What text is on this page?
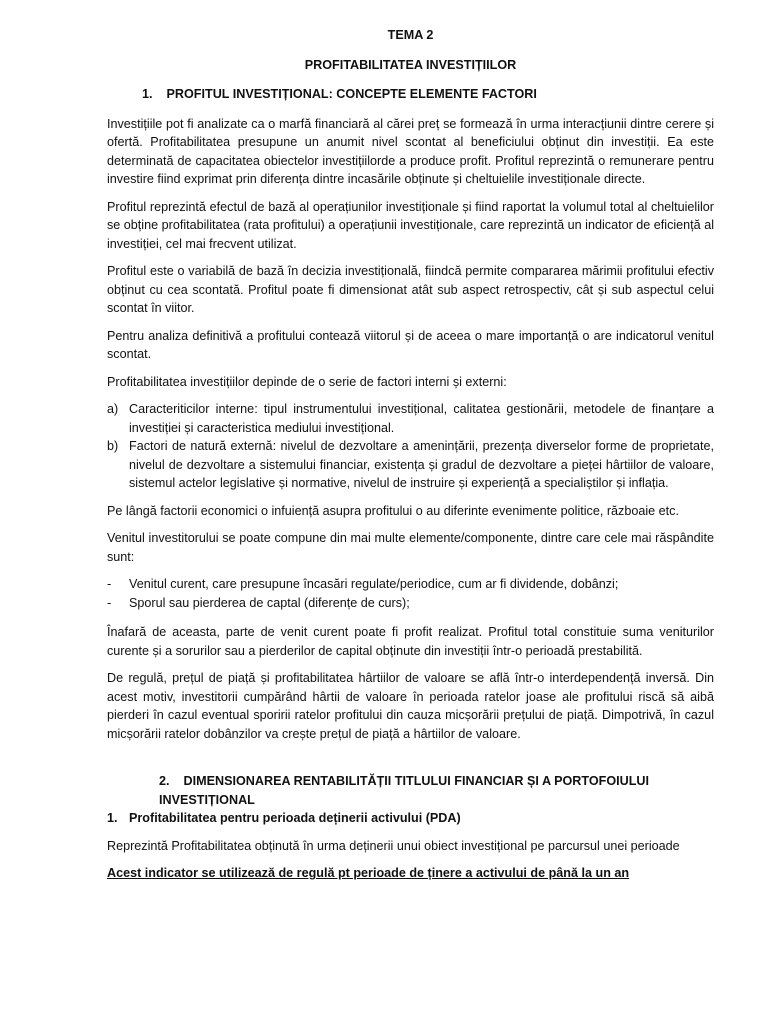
TEMA 2
PROFITABILITATEA INVESTIȚIILOR
1. PROFITUL INVESTIȚIONAL: CONCEPTE ELEMENTE FACTORI

Investițiile pot fi analizate ca o marfă financiară al cărei preț se formează în urma interacțiunii dintre cerere și ofertă. Profitabilitatea presupune un anumit nivel scontat al beneficiului obținut din investiții. Ea este determinată de capacitatea obiectelor investițiilorde a produce profit. Profitul reprezintă o remunerare pentru investire fiind exprimat prin diferența dintre incasările obținute și cheltuielile investiționale directe.

Profitul reprezintă efectul de bază al operațiunilor investiționale și fiind raportat la volumul total al cheltuielilor se obține profitabilitatea (rata profitului) a operațiunii investiționale, care reprezintă un indicator de eficiență al investiției, cel mai frecvent utilizat.

Profitul este o variabilă de bază în decizia investițională, fiindcă permite compararea mărimii profitului efectiv obținut cu cea scontată. Profitul poate fi dimensionat atât sub aspect retrospectiv, cât și sub aspectul celui scontat în viitor.

Pentru analiza definitivă a profitului contează viitorul și de aceea o mare importanță o are indicatorul venitul scontat.

Profitabilitatea investițiilor depinde de o serie de factori interni și externi:

a) Caracteriticilor interne: tipul instrumentului investițional, calitatea gestionării, metodele de finanțare a investiției și caracteristica mediului investițional.
b) Factori de natură externă: nivelul de dezvoltare a amenințării, prezența diverselor forme de proprietate, nivelul de dezvoltare a sistemului financiar, existența și gradul de dezvoltare a pieței hârtiilor de valoare, sistemul actelor legislative și normative, nivelul de instruire și experiență a specialiștilor și inflația.

Pe lângă factorii economici o infuiență asupra profitului o au diferinte evenimente politice, războaie etc.

Venitul investitorului se poate compune din mai multe elemente/componente, dintre care cele mai răspândite sunt:

- Venitul curent, care presupune încasări regulate/periodice, cum ar fi dividende, dobânzi;
- Sporul sau pierderea de captal (diferențe de curs);

Înafară de aceasta, parte de venit curent poate fi profit realizat. Profitul total constituie suma veniturilor curente și a sorurilor sau a pierderilor de capital obținute din investiții într-o perioadă prestabilită.

De regulă, prețul de piață și profitabilitatea hârtiilor de valoare se află într-o interdependență inversă. Din acest motiv, investitorii cumpărând hârtii de valoare în perioada ratelor joase ale profitului riscă să aibă pierderi în cazul eventual sporirii ratelor profitului din cauza micșorării prețului de piață. Dimpotrivă, în cazul micșorării ratelor dobânzilor va crește prețul de piață a hârtiilor de valoare.

2. DIMENSIONAREA RENTABILITĂȚII TITLULUI FINANCIAR ȘI A PORTOFOIULUI INVESTIȚIONAL
1. Profitabilitatea pentru perioada deținerii activului (PDA)

Reprezintă Profitabilitatea obținută în urma deținerii unui obiect investițional pe parcursul unei perioade

Acest indicator se utilizează de regulă pt perioade de ținere a activului de până la un an
